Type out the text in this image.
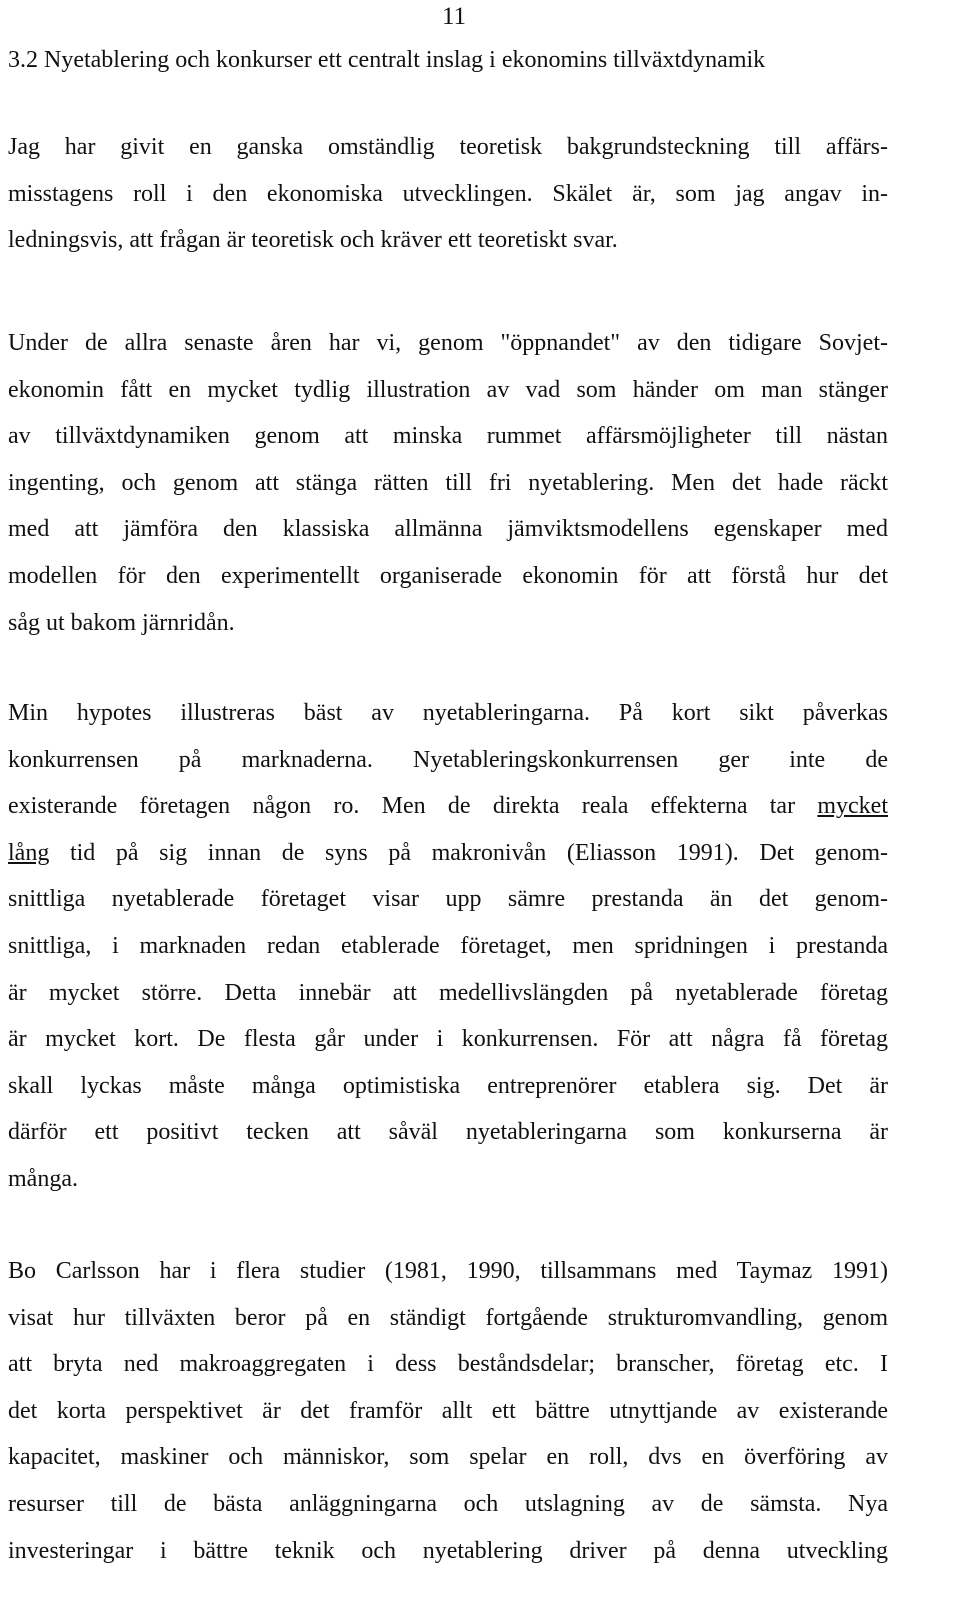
11
3.2 Nyetablering och konkurser ett centralt inslag i ekonomins tillväxtdynamik
Jag har givit en ganska omständlig teoretisk bakgrundsteckning till affärs-
misstagens roll i den ekonomiska utvecklingen. Skälet är, som jag angav in-
ledningsvis, att frågan är teoretisk och kräver ett teoretiskt svar.
Under de allra senaste åren har vi, genom "öppnandet" av den tidigare Sovjet-
ekonomin fått en mycket tydlig illustration av vad som händer om man stänger
av tillväxtdynamiken genom att minska rummet affärsmöjligheter till nästan
ingenting, och genom att stänga rätten till fri nyetablering. Men det hade räckt
med att jämföra den klassiska allmänna jämviktsmodellens egenskaper med
modellen för den experimentellt organiserade ekonomin för att förstå hur det
såg ut bakom järnridån.
Min hypotes illustreras bäst av nyetableringarna. På kort sikt påverkas
konkurrensen på marknaderna. Nyetableringskonkurrensen ger inte de
existerande företagen någon ro. Men de direkta reala effekterna tar mycket
lång tid på sig innan de syns på makronivån (Eliasson 1991). Det genom-
snittliga nyetablerade företaget visar upp sämre prestanda än det genom-
snittliga, i marknaden redan etablerade företaget, men spridningen i prestanda
är mycket större. Detta innebär att medellivslängden på nyetablerade företag
är mycket kort. De flesta går under i konkurrensen. För att några få företag
skall lyckas måste många optimistiska entreprenörer etablera sig. Det är
därför ett positivt tecken att såväl nyetableringarna som konkurserna är
många.
Bo Carlsson har i flera studier (1981, 1990, tillsammans med Taymaz 1991)
visat hur tillväxten beror på en ständigt fortgående strukturomvandling, genom
att bryta ned makroaggregaten i dess beståndsdelar; branscher, företag etc. I
det korta perspektivet är det framför allt ett bättre utnyttjande av existerande
kapacitet, maskiner och människor, som spelar en roll, dvs en överföring av
resurser till de bästa anläggningarna och utslagning av de sämsta. Nya
investeringar i bättre teknik och nyetablering driver på denna utveckling
